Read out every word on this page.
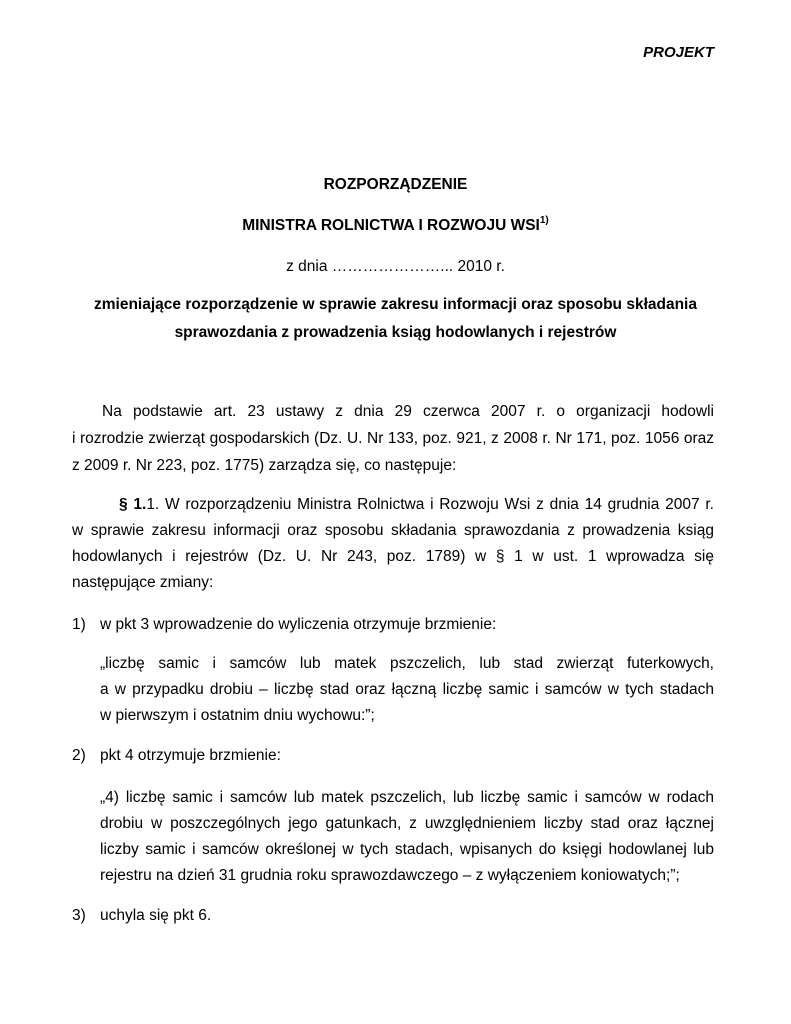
PROJEKT

ROZPORZĄDZENIE

MINISTRA ROLNICTWA I ROZWOJU WSI$^{1)}$

z dnia …………………... 2010 r.

zmieniające rozporządzenie w sprawie zakresu informacji oraz sposobu składania

sprawozdania z prowadzenia ksiąg hodowlanych i rejestrów

Na podstawie art. 23 ustawy z dnia 29 czerwca 2007 r. o organizacji hodowli
i rozrodzie zwierząt gospodarskich (Dz. U. Nr 133, poz. 921, z 2008 r. Nr 171, poz. 1056 oraz
z 2009 r. Nr 223, poz. 1775) zarządza się, co następuje:
§ 1.1. W rozporządzeniu Ministra Rolnictwa i Rozwoju Wsi z dnia 14 grudnia 2007 r.
w sprawie zakresu informacji oraz sposobu składania sprawozdania z prowadzenia ksiąg
hodowlanych i rejestrów (Dz. U. Nr 243, poz. 1789) w § 1 w ust. 1 wprowadza się
następujące zmiany:
1) w pkt 3 wprowadzenie do wyliczenia otrzymuje brzmienie:
„liczbę samic i samców lub matek pszczelich, lub stad zwierząt futerkowych,
a w przypadku drobiu – liczbę stad oraz łączną liczbę samic i samców w tych stadach
w pierwszym i ostatnim dniu wychowu:”;
2) pkt 4 otrzymuje brzmienie:
„4) liczbę samic i samców lub matek pszczelich, lub liczbę samic i samców w rodach
drobiu w poszczególnych jego gatunkach, z uwzględnieniem liczby stad oraz łącznej
liczby samic i samców określonej w tych stadach, wpisanych do księgi hodowlanej lub
rejestru na dzień 31 grudnia roku sprawozdawczego – z wyłączeniem koniowatych;”;
3) uchyla się pkt 6.
